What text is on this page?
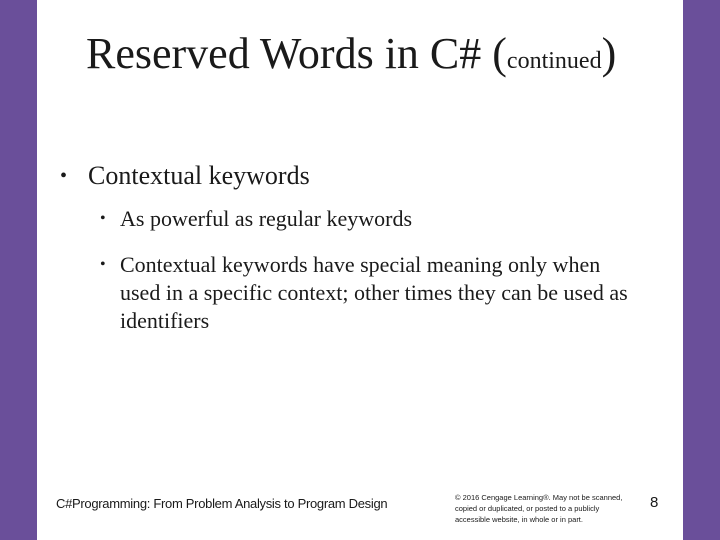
Reserved Words in C# (continued)
• Contextual keywords
• As powerful as regular keywords
• Contextual keywords have special meaning only when used in a specific context; other times they can be used as identifiers
C#Programming: From Problem Analysis to Program Design	© 2016 Cengage Learning®. May not be scanned, copied or duplicated, or posted to a publicly accessible website, in whole or in part.
8
